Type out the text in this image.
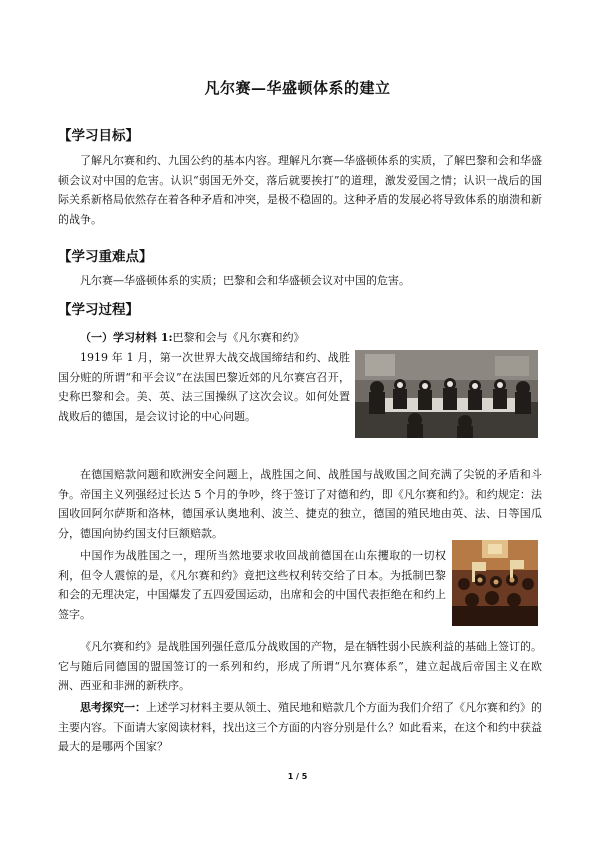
凡尔赛—华盛顿体系的建立
【学习目标】

了解凡尔赛和约、九国公约的基本内容。理解凡尔赛—华盛顿体系的实质，了解巴黎和会和华盛顿会议对中国的危害。认识“弱国无外交，落后就要挨打”的道理，激发爱国之情；认识一战后的国际关系新格局依然存在着各种矛盾和冲突，是极不稳固的。这种矛盾的发展必将导致体系的崩溃和新的战争。

【学习重难点】

凡尔赛—华盛顿体系的实质；巴黎和会和华盛顿会议对中国的危害。

【学习过程】
（一）学习材料 1:巴黎和会与《凡尔赛和约》

1919 年 1 月，第一次世界大战交战国缔结和约、战胜国分赃的所谓“和平会议”在法国巴黎近郊的凡尔赛宫召开，史称巴黎和会。美、英、法三国操纵了这次会议。如何处置战败后的德国，是会议讨论的中心问题。

在德国赔款问题和欧洲安全问题上，战胜国之间、战胜国与战败国之间充满了尖锐的矛盾和斗争。帝国主义列强经过长达 5 个月的争吵，终于签订了对德和约，即《凡尔赛和约》。和约规定：法国收回阿尔萨斯和洛林，德国承认奥地利、波兰、捷克的独立，德国的殖民地由英、法、日等国瓜分，德国向协约国支付巨额赔款。

中国作为战胜国之一，理所当然地要求收回战前德国在山东攫取的一切权利，但令人震惊的是，《凡尔赛和约》竟把这些权利转交给了日本。为抵制巴黎和会的无理决定，中国爆发了五四爱国运动，出席和会的中国代表拒绝在和约上签字。

《凡尔赛和约》是战胜国列强任意瓜分战败国的产物，是在牺牲弱小民族利益的基础上签订的。它与随后同德国的盟国签订的一系列和约，形成了所谓“凡尔赛体系”，建立起战后帝国主义在欧洲、西亚和非洲的新秩序。

思考探究一：上述学习材料主要从领土、殖民地和赔款几个方面为我们介绍了《凡尔赛和约》的主要内容。下面请大家阅读材料，找出这三个方面的内容分别是什么？如此看来，在这个和约中获益最大的是哪两个国家？

1 / 5
